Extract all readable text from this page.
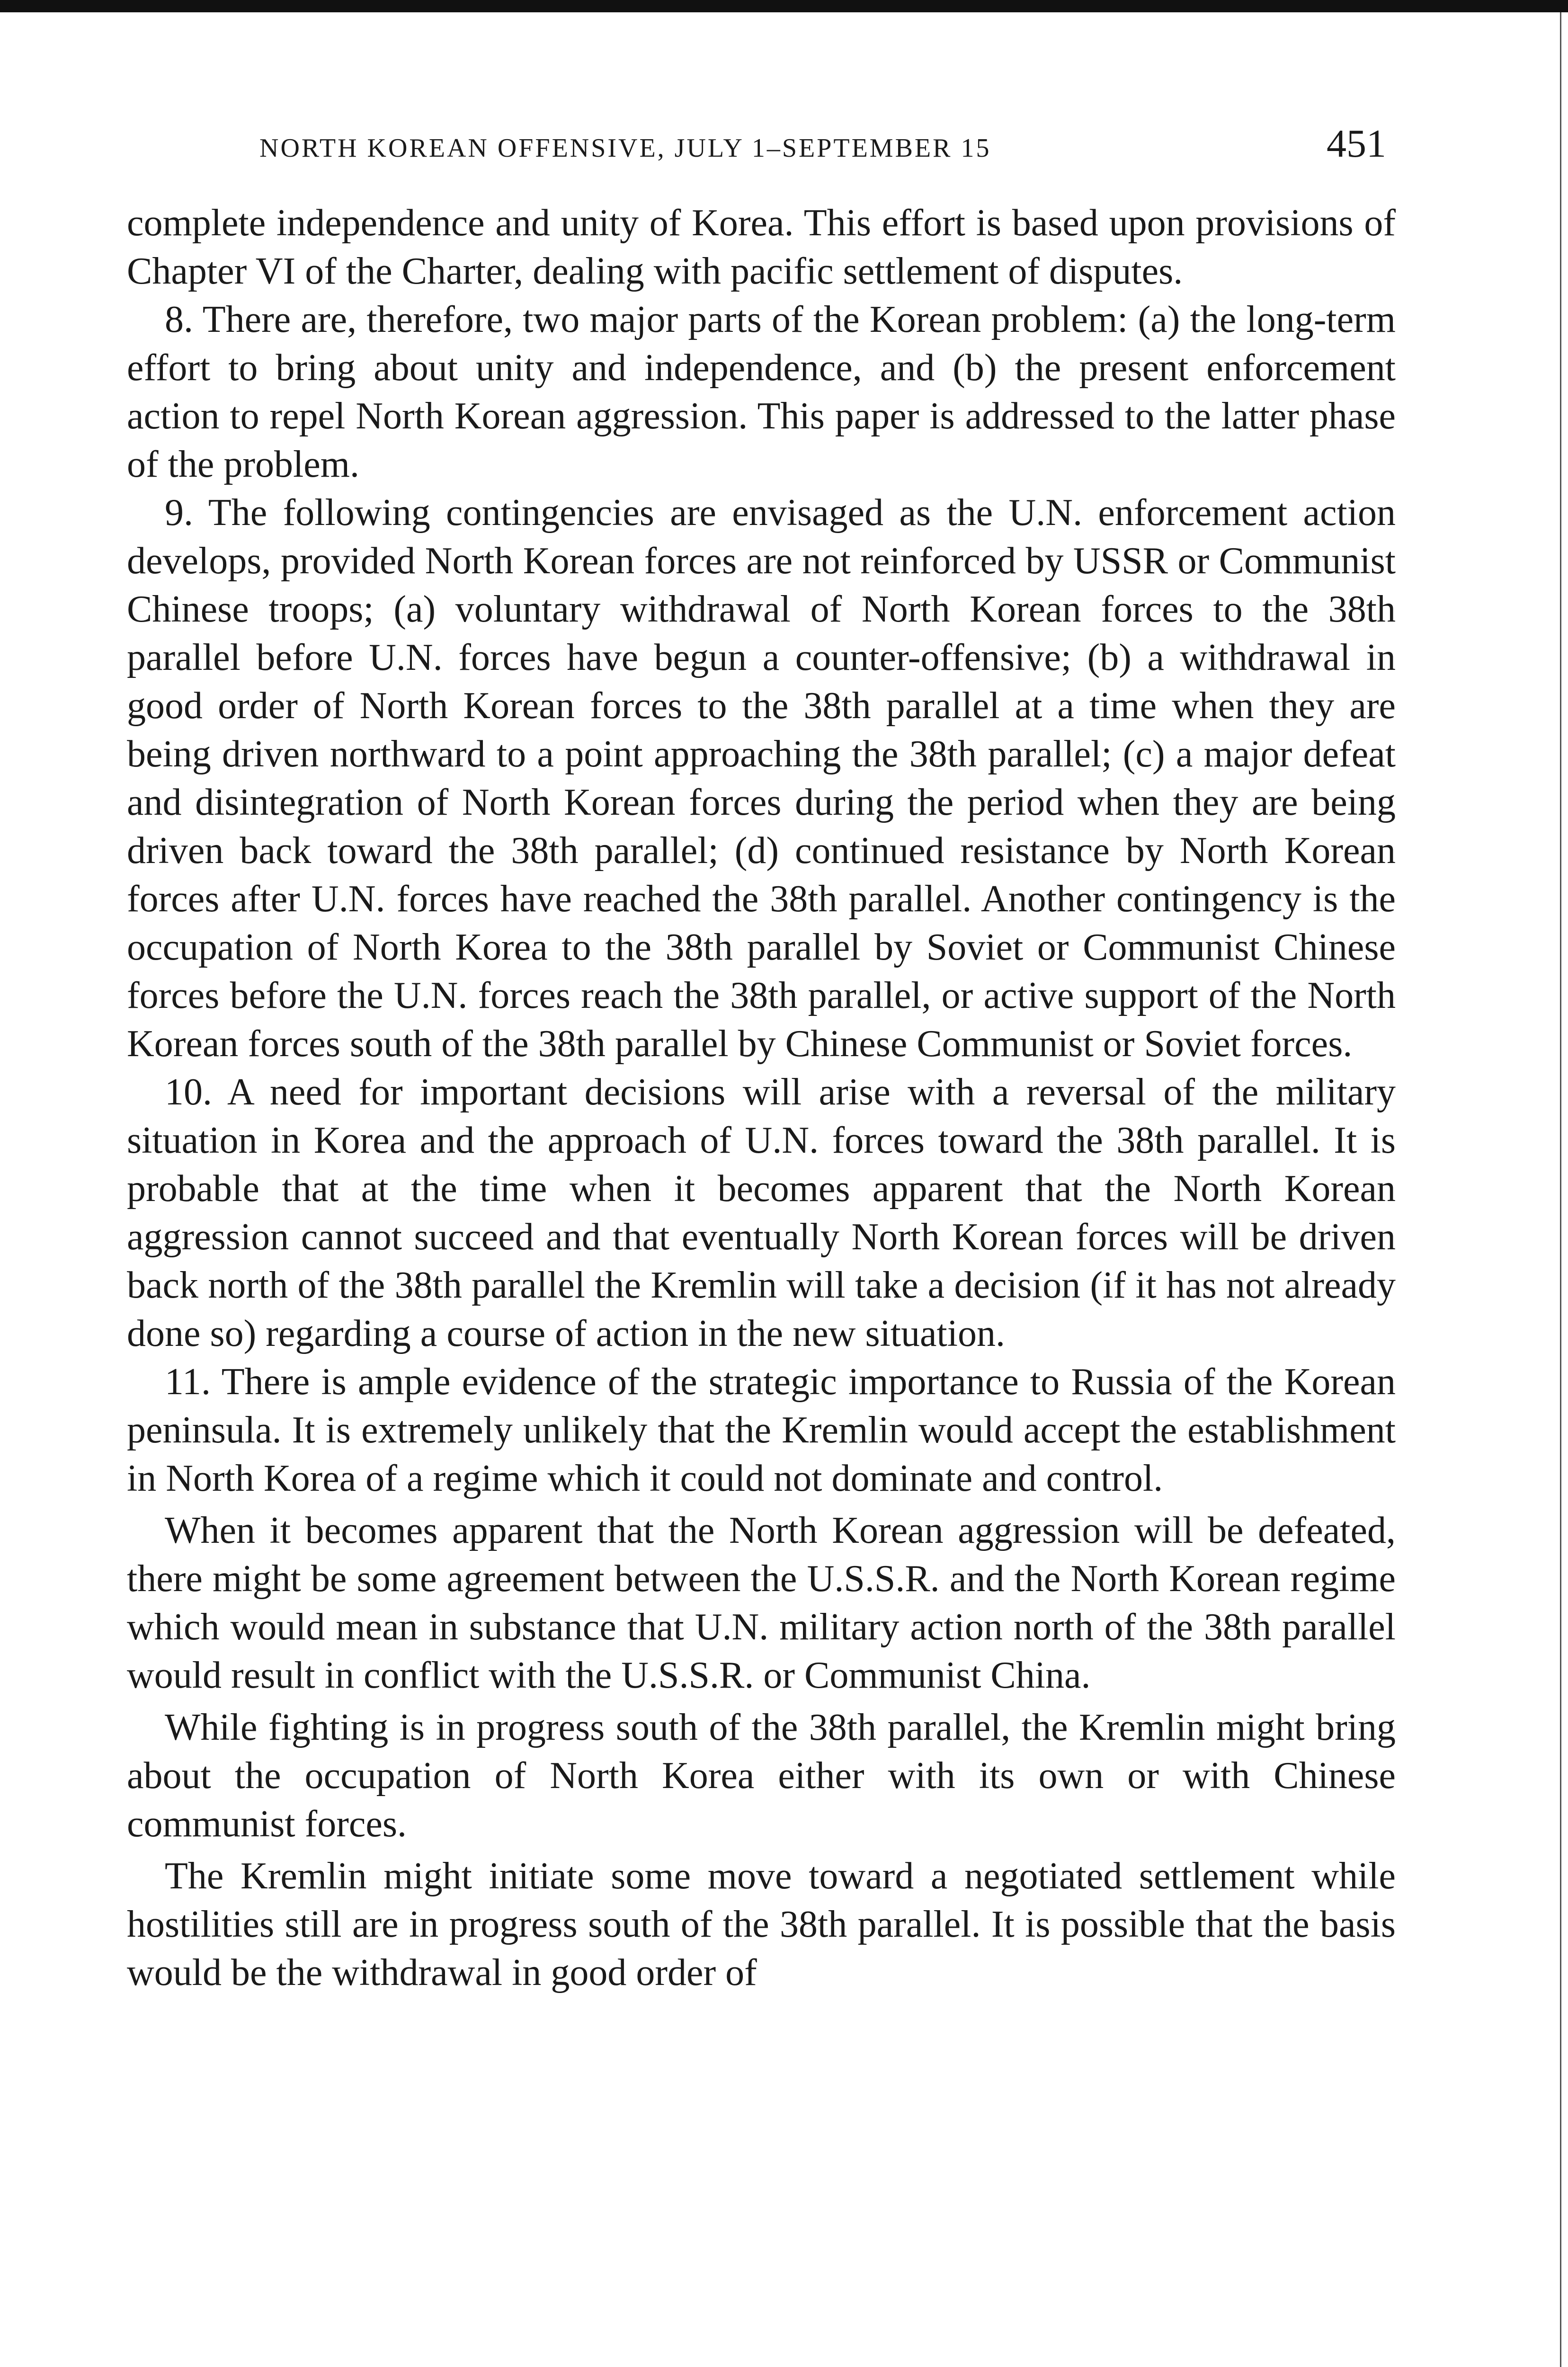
NORTH KOREAN OFFENSIVE, JULY 1–SEPTEMBER 15	451

complete independence and unity of Korea. This effort is based upon provisions of Chapter VI of the Charter, dealing with pacific settlement of disputes.

8. There are, therefore, two major parts of the Korean problem: (a) the long-term effort to bring about unity and independence, and (b) the present enforcement action to repel North Korean aggression. This paper is addressed to the latter phase of the problem.

9. The following contingencies are envisaged as the U.N. enforcement action develops, provided North Korean forces are not reinforced by USSR or Communist Chinese troops; (a) voluntary withdrawal of North Korean forces to the 38th parallel before U.N. forces have begun a counter-offensive; (b) a withdrawal in good order of North Korean forces to the 38th parallel at a time when they are being driven northward to a point approaching the 38th parallel; (c) a major defeat and disintegration of North Korean forces during the period when they are being driven back toward the 38th parallel; (d) continued resistance by North Korean forces after U.N. forces have reached the 38th parallel. Another contingency is the occupation of North Korea to the 38th parallel by Soviet or Communist Chinese forces before the U.N. forces reach the 38th parallel, or active support of the North Korean forces south of the 38th parallel by Chinese Communist or Soviet forces.

10. A need for important decisions will arise with a reversal of the military situation in Korea and the approach of U.N. forces toward the 38th parallel. It is probable that at the time when it becomes apparent that the North Korean aggression cannot succeed and that eventually North Korean forces will be driven back north of the 38th parallel the Kremlin will take a decision (if it has not already done so) regarding a course of action in the new situation.

11. There is ample evidence of the strategic importance to Russia of the Korean peninsula. It is extremely unlikely that the Kremlin would accept the establishment in North Korea of a regime which it could not dominate and control.

When it becomes apparent that the North Korean aggression will be defeated, there might be some agreement between the U.S.S.R. and the North Korean regime which would mean in substance that U.N. military action north of the 38th parallel would result in conflict with the U.S.S.R. or Communist China.

While fighting is in progress south of the 38th parallel, the Kremlin might bring about the occupation of North Korea either with its own or with Chinese communist forces.

The Kremlin might initiate some move toward a negotiated settlement while hostilities still are in progress south of the 38th parallel. It is possible that the basis would be the withdrawal in good order of
